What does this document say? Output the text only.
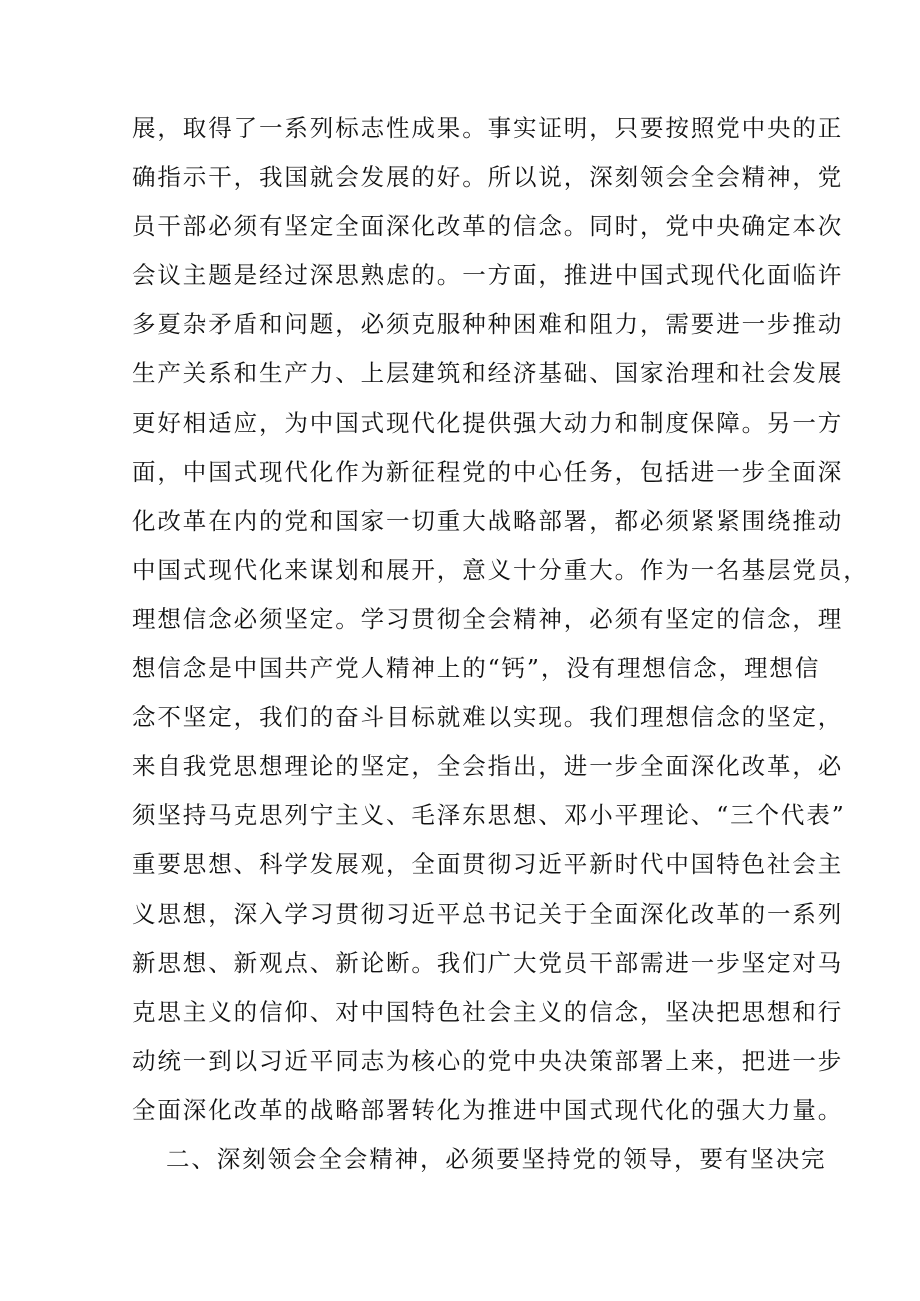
展，取得了一系列标志性成果。事实证明，只要按照党中央的正
确指示干，我国就会发展的好。所以说，深刻领会全会精神，党
员干部必须有坚定全面深化改革的信念。同时，党中央确定本次
会议主题是经过深思熟虑的。一方面，推进中国式现代化面临许
多夏杂矛盾和问题，必须克服种种困难和阻力，需要进一步推动
生产关系和生产力、上层建筑和经济基础、国家治理和社会发展
更好相适应，为中国式现代化提供强大动力和制度保障。另一方
面，中国式现代化作为新征程党的中心任务，包括进一步全面深
化改革在内的党和国家一切重大战略部署，都必须紧紧围绕推动
中国式现代化来谋划和展开，意义十分重大。作为一名基层党员，
理想信念必须坚定。学习贯彻全会精神，必须有坚定的信念，理
想信念是中国共产党人精神上的“钙”，没有理想信念，理想信
念不坚定，我们的奋斗目标就难以实现。我们理想信念的坚定，
来自我党思想理论的坚定，全会指出，进一步全面深化改革，必
须坚持马克思列宁主义、毛泽东思想、邓小平理论、“三个代表”
重要思想、科学发展观，全面贯彻习近平新时代中国特色社会主
义思想，深入学习贯彻习近平总书记关于全面深化改革的一系列
新思想、新观点、新论断。我们广大党员干部需进一步坚定对马
克思主义的信仰、对中国特色社会主义的信念，坚决把思想和行
动统一到以习近平同志为核心的党中央决策部署上来，把进一步
全面深化改革的战略部署转化为推进中国式现代化的强大力量。
二、深刻领会全会精神，必须要坚持党的领导，要有坚决完
